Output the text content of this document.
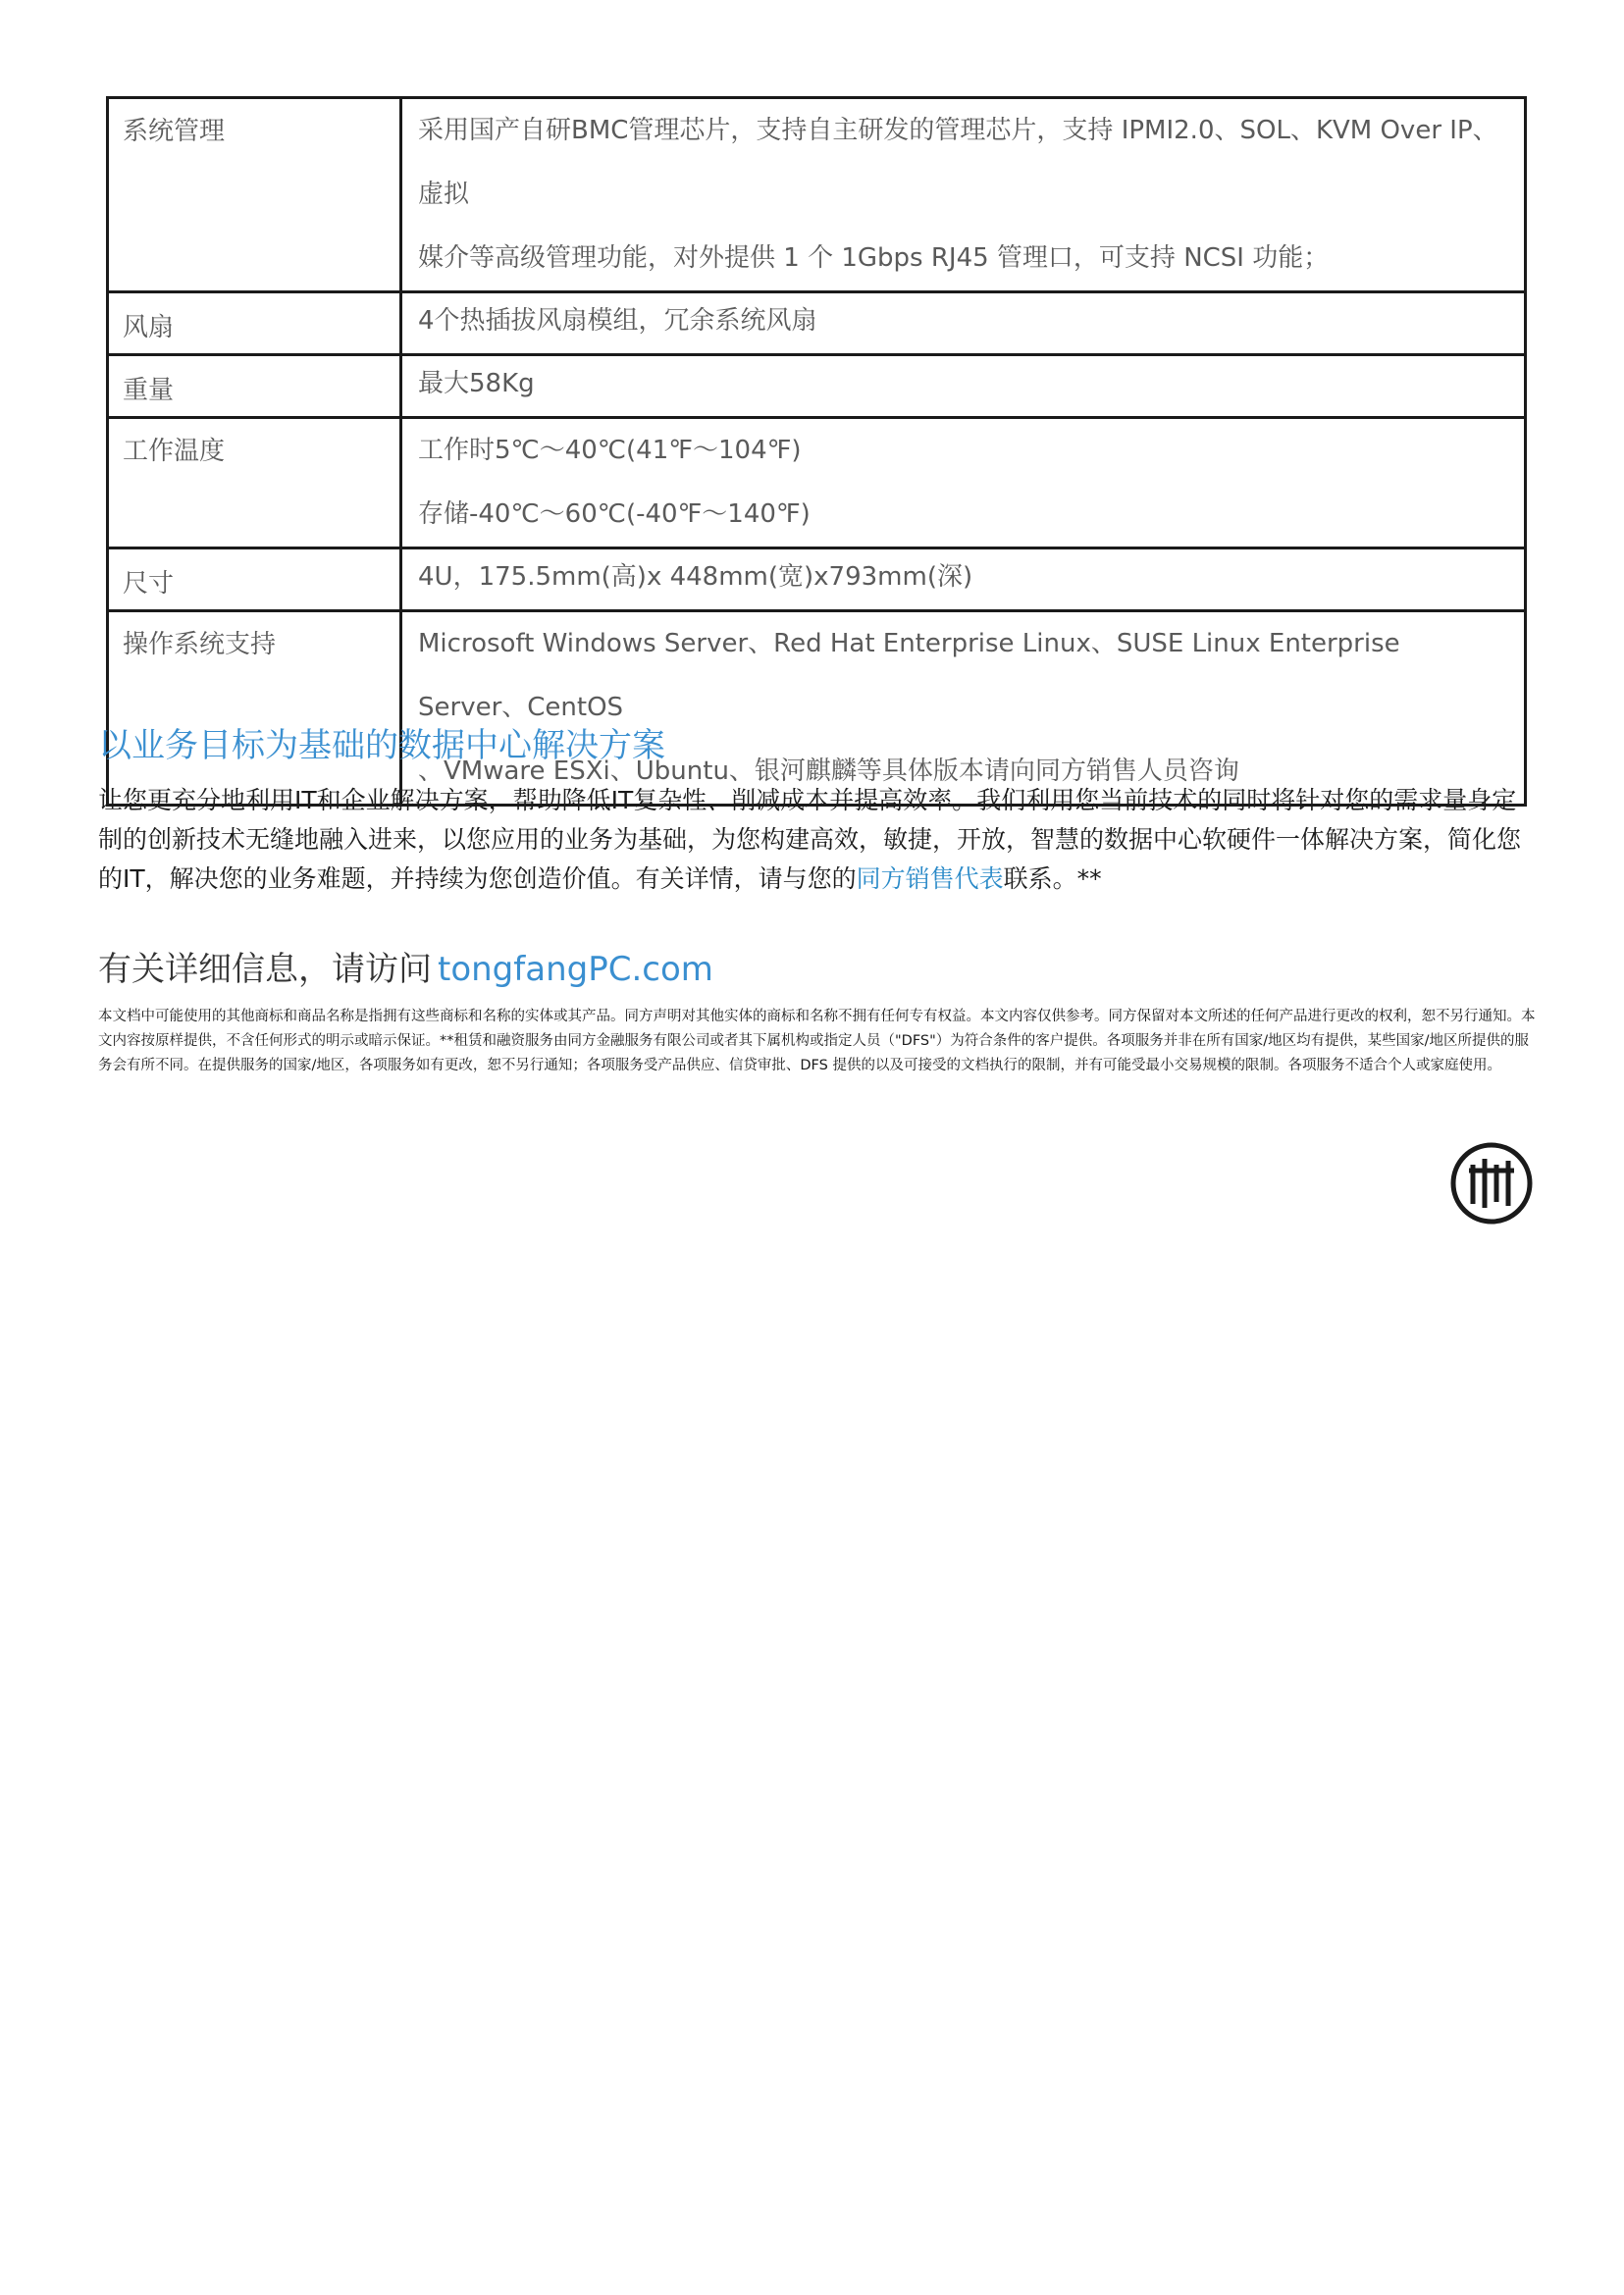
系统管理	采用国产自研BMC管理芯片，支持自主研发的管理芯片，支持 IPMI2.0、SOL、KVM Over IP、虚拟
媒介等高级管理功能，对外提供 1 个 1Gbps RJ45 管理口，可支持 NCSI 功能；

风扇	4个热插拔风扇模组，冗余系统风扇

重量	最大58Kg

工作温度	工作时5℃～40℃(41℉～104℉)
存储-40℃～60℃(-40℉～140℉)

尺寸	4U，175.5mm(高)x 448mm(宽)x793mm(深)

操作系统支持	Microsoft Windows Server、Red Hat Enterprise Linux、SUSE Linux Enterprise Server、CentOS
、VMware ESXi、Ubuntu、银河麒麟等具体版本请向同方销售人员咨询
以业务目标为基础的数据中心解决方案

让您更充分地利用IT和企业解决方案，帮助降低IT复杂性、削减成本并提高效率。我们利用您当前技术的同时将针对您的需求量身定制的创新技术无缝地融入进来，以您应用的业务为基础，为您构建高效，敏捷，开放，智慧的数据中心软硬件一体解决方案，简化您的IT，解决您的业务难题，并持续为您创造价值。有关详情，请与您的同方销售代表联系。**

有关详细信息，请访问 tongfangPC.com

本文档中可能使用的其他商标和商品名称是指拥有这些商标和名称的实体或其产品。同方声明对其他实体的商标和名称不拥有任何专有权益。本文内容仅供参考。同方保留对本文所述的任何产品进行更改的权利，恕不另行通知。本文内容按原样提供，不含任何形式的明示或暗示保证。**租赁和融资服务由同方金融服务有限公司或者其下属机构或指定人员（"DFS"）为符合条件的客户提供。各项服务并非在所有国家/地区均有提供，某些国家/地区所提供的服务会有所不同。在提供服务的国家/地区，各项服务如有更改，恕不另行通知；各项服务受产品供应、信贷审批、DFS 提供的以及可接受的文档执行的限制，并有可能受最小交易规模的限制。各项服务不适合个人或家庭使用。
